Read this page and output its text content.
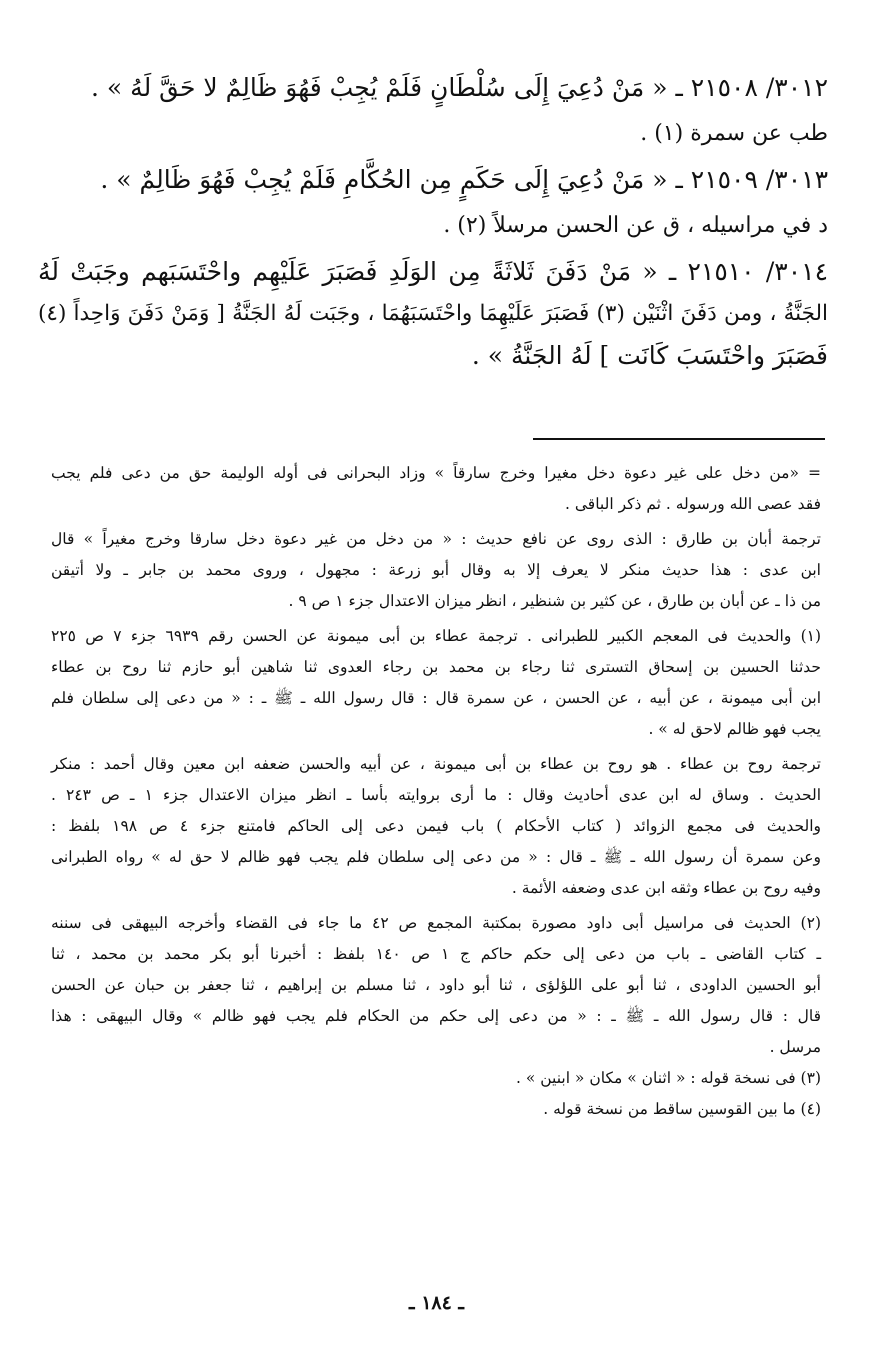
٣٠١٢/ ٢١٥٠٨ ـ « مَنْ دُعِيَ إِلَى سُلْطَانٍ فَلَمْ يُجِبْ فَهُوَ ظَالِمٌ لا حَقَّ لَهُ » .

طب عن سمرة (١) .

٣٠١٣/ ٢١٥٠٩ ـ « مَنْ دُعِيَ إِلَى حَكَمٍ مِن الحُكَّامِ فَلَمْ يُجِبْ فَهُوَ ظَالِمٌ » .

د في مراسيله ، ق عن الحسن مرسلاً (٢) .

٣٠١٤/ ٢١٥١٠ ـ « مَنْ دَفَنَ ثَلاثَةً مِن الوَلَدِ فَصَبَرَ عَلَيْهِم واحْتَسَبَهم وجَبَتْ لَهُ

الجَنَّةُ ، ومن دَفَنَ اثْنَيْن (٣) فَصَبَرَ عَلَيْهِمَا واحْتَسَبَهُمَا ، وجَبَت لَهُ الجَنَّةُ [ وَمَنْ دَفَنَ وَاحِداً (٤)

فَصَبَرَ واحْتَسَبَ كَانَت ] لَهُ الجَنَّةُ » .

= «من دخل على غير دعوة دخل مغيرا وخرج سارقاً » وزاد البحرانى فى أوله الوليمة حق من دعى فلم يجب

فقد عصى الله ورسوله . ثم ذكر الباقى .

ترجمة أبان بن طارق : الذى روى عن نافع حديث : « من دخل من غير دعوة دخل سارقا وخرج مغيراً » قال

ابن عدى : هذا حديث منكر لا يعرف إلا به وقال أبو زرعة : مجهول ، وروى محمد بن جابر ـ ولا أتيقن

من ذا ـ عن أبان بن طارق ، عن كثير بن شنظير ، انظر ميزان الاعتدال جزء ١ ص ٩ .

(١) والحديث فى المعجم الكبير للطبرانى . ترجمة عطاء بن أبى ميمونة عن الحسن رقم ٦٩٣٩ جزء ٧ ص ٢٢٥

حدثنا الحسين بن إسحاق التسترى ثنا رجاء بن محمد بن رجاء العدوى ثنا شاهين أبو حازم ثنا روح بن عطاء

ابن أبى ميمونة ، عن أبيه ، عن الحسن ، عن سمرة قال : قال رسول الله ـ ﷺ ـ : « من دعى إلى سلطان فلم

يجب فهو ظالم لاحق له » .

ترجمة روح بن عطاء . هو روح بن عطاء بن أبى ميمونة ، عن أبيه والحسن ضعفه ابن معين وقال أحمد : منكر

الحديث . وساق له ابن عدى أحاديث وقال : ما أرى بروايته بأسا ـ انظر ميزان الاعتدال جزء ١ ـ ص ٢٤٣ .

والحديث فى مجمع الزوائد ( كتاب الأحكام ) باب فيمن دعى إلى الحاكم فامتنع جزء ٤ ص ١٩٨ بلفظ :

وعن سمرة أن رسول الله ـ ﷺ ـ قال : « من دعى إلى سلطان فلم يجب فهو ظالم لا حق له » رواه الطبرانى

وفيه روح بن عطاء وثقه ابن عدى وضعفه الأئمة .

(٢) الحديث فى مراسيل أبى داود مصورة بمكتبة المجمع ص ٤٢ ما جاء فى القضاء وأخرجه البيهقى فى سننه

ـ كتاب القاضى ـ باب من دعى إلى حكم حاكم ج ١ ص ١٤٠ بلفظ : أخبرنا أبو بكر محمد بن محمد ، ثنا

أبو الحسين الداودى ، ثنا أبو على اللؤلؤى ، ثنا أبو داود ، ثنا مسلم بن إبراهيم ، ثنا جعفر بن حبان عن الحسن

قال : قال رسول الله ـ ﷺ ـ : « من دعى إلى حكم من الحكام فلم يجب فهو ظالم » وقال البيهقى : هذا

مرسل .

(٣) فى نسخة قوله : « اثنان » مكان « ابنين » .

(٤) ما بين القوسين ساقط من نسخة قوله .

ـ ١٨٤ ـ
